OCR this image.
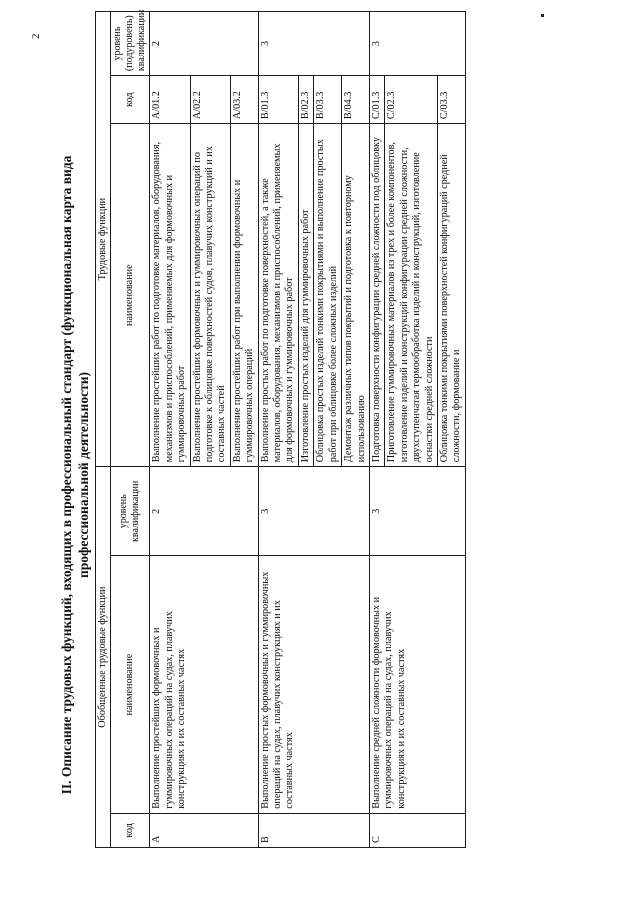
2
II. Описание трудовых функций, входящих в профессиональный стандарт (функциональная карта вида профессиональной деятельности)
Обобщенные трудовые функции			Трудовые функции		
код	наименование	уровень квалификации	наименование	код	уровень (подуровень) квалификации
A	Выполнение простейших формовочных и гуммировочных операций на судах, плавучих конструкциях и их составных частях	2	Выполнение простейших работ по подготовке материалов, оборудования, механизмов и приспособлений, применяемых для формовочных и гуммировочных работ	A/01.2	2
			Выполнение простейших формовочных и гуммировочных операций по подготовке к облицовке поверхностей судов, плавучих конструкций и их составных частей	A/02.2	
			Выполнение простейших работ при выполнении формовочных и гуммировочных операций	A/03.2	
B	Выполнение простых формовочных и гуммировочных операций на судах, плавучих конструкциях и их составных частях	3	Выполнение простых работ по подготовке поверхностей, а также материалов, оборудования, механизмов и приспособлений, применяемых для формовочных и гуммировочных работ	B/01.3	3
			Изготовление простых изделий для гуммировочных работ	B/02.3	
			Облицовка простых изделий тонкими покрытиями и выполнение простых работ при облицовке более сложных изделий	B/03.3	
			Демонтаж различных типов покрытий и подготовка к повторному использованию	B/04.3	
C	Выполнение средней сложности формовочных и гуммировочных операций на судах, плавучих конструкциях и их составных частях	3	Подготовка поверхности конфигурации средней сложности под облицовку	C/01.3	3
			Приготовление гуммировочных материалов из трех и более компонентов, изготовление изделий и конструкций конфигурации средней сложности, двухступенчатая термообработка изделий и конструкций, изготовление оснастки средней сложности	C/02.3	
			Облицовка тонкими покрытиями поверхностей конфигураций средней сложности, формование и	C/03.3	
